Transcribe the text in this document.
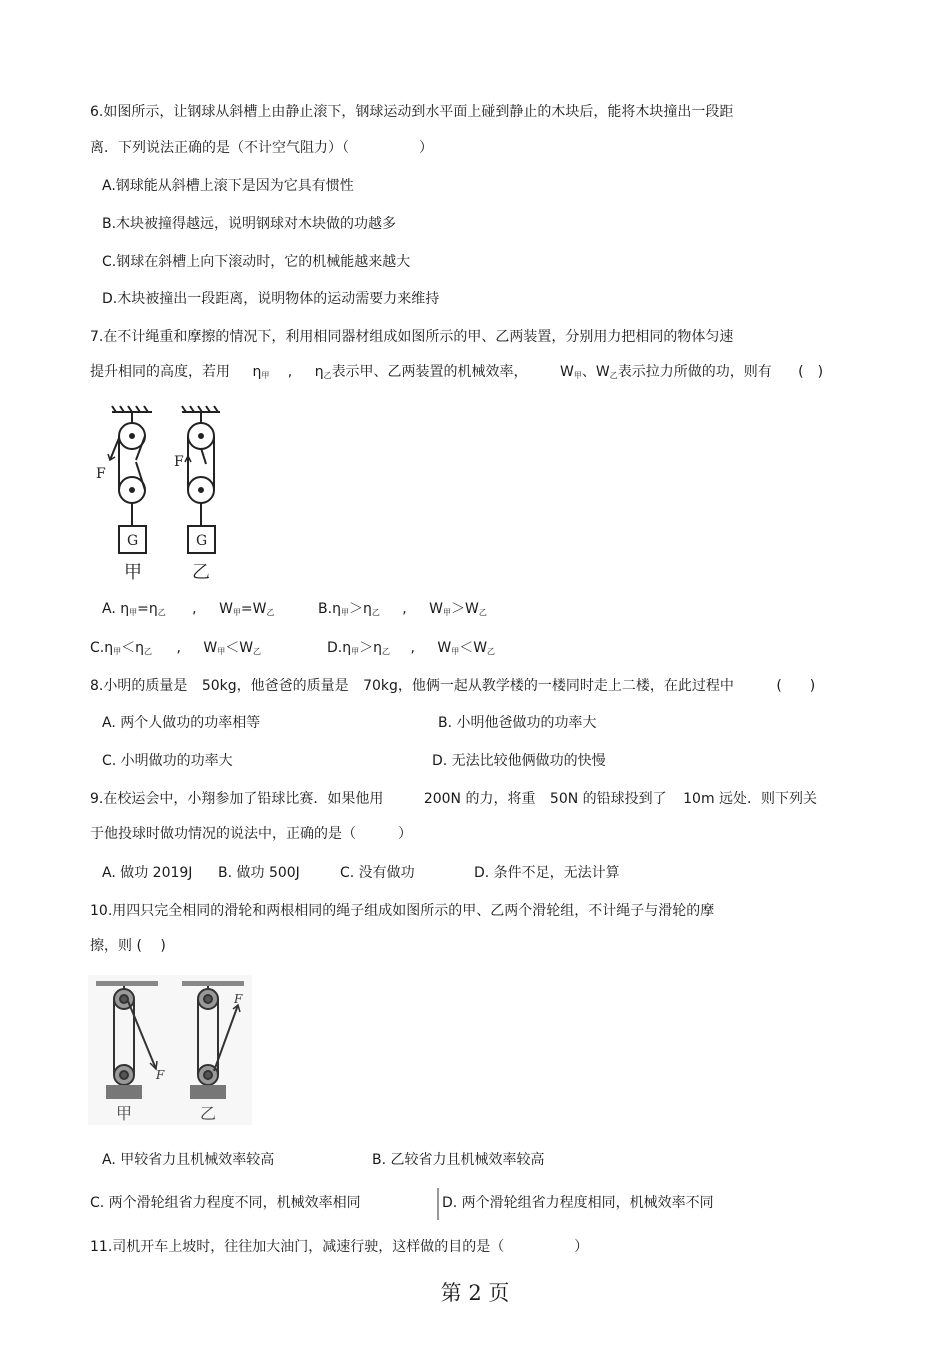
6.如图所示，让钢球从斜槽上由静止滚下，钢球运动到水平面上碰到静止的木块后，能将木块撞出一段距
离．下列说法正确的是（不计空气阻力）（　　　　　）
A.钢球能从斜槽上滚下是因为它具有惯性
B.木块被撞得越远，说明钢球对木块做的功越多
C.钢球在斜槽上向下滚动时，它的机械能越来越大
D.木块被撞出一段距离，说明物体的运动需要力来维持
7.在不计绳重和摩擦的情况下，利用相同器材组成如图所示的甲、乙两装置，分别用力把相同的物体匀速
提升相同的高度，若用 $\eta_甲$ , $\eta_乙$表示甲、乙两装置的机械效率， $W_甲$、$W_乙$表示拉力所做的功，则有 (　)
F
F
G	G
甲	乙
A. $\eta_甲=\eta_乙$ , $W_甲=W_乙$	$B.\eta_甲>\eta_乙$ , $W_甲>W_乙$
$C.\eta_甲<\eta_乙$ , $W_甲<W_乙$	$D.\eta_甲>\eta_乙$ , $W_甲<W_乙$
8.小明的质量是 50kg，他爸爸的质量是 70kg，他俩一起从教学楼的一楼同时走上二楼，在此过程中	(　　)
A. 两个人做功的功率相等	B. 小明他爸做功的功率大
C. 小明做功的功率大	D. 无法比较他俩做功的快慢
9.在校运会中，小翔参加了铅球比赛．如果他用	200N 的力，将重 50N 的铅球投到了 10m 远处．则下列关
于他投球时做功情况的说法中，正确的是（　　　）
A. 做功 2019J B. 做功 500J	C. 没有做功	D. 条件不足，无法计算
10.用四只完全相同的滑轮和两根相同的绳子组成如图所示的甲、乙两个滑轮组，不计绳子与滑轮的摩
擦，则 (　 )
F
F
甲	乙
A. 甲较省力且机械效率较高	B. 乙较省力且机械效率较高
C. 两个滑轮组省力程度不同，机械效率相同	D. 两个滑轮组省力程度相同，机械效率不同
11.司机开车上坡时，往往加大油门，减速行驶，这样做的目的是（　　　　　）
第 2 页
